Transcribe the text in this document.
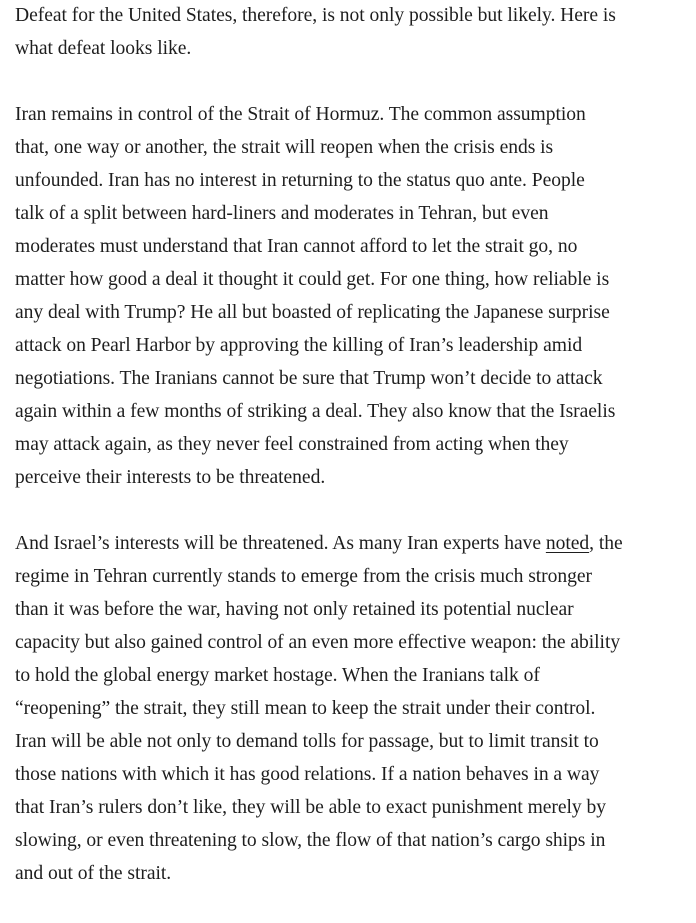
Defeat for the United States, therefore, is not only possible but likely. Here is
what defeat looks like.

Iran remains in control of the Strait of Hormuz. The common assumption
that, one way or another, the strait will reopen when the crisis ends is
unfounded. Iran has no interest in returning to the status quo ante. People
talk of a split between hard-liners and moderates in Tehran, but even
moderates must understand that Iran cannot afford to let the strait go, no
matter how good a deal it thought it could get. For one thing, how reliable is
any deal with Trump? He all but boasted of replicating the Japanese surprise
attack on Pearl Harbor by approving the killing of Iran’s leadership amid
negotiations. The Iranians cannot be sure that Trump won’t decide to attack
again within a few months of striking a deal. They also know that the Israelis
may attack again, as they never feel constrained from acting when they
perceive their interests to be threatened.

And Israel’s interests will be threatened. As many Iran experts have noted, the
regime in Tehran currently stands to emerge from the crisis much stronger
than it was before the war, having not only retained its potential nuclear
capacity but also gained control of an even more effective weapon: the ability
to hold the global energy market hostage. When the Iranians talk of
“reopening” the strait, they still mean to keep the strait under their control.
Iran will be able not only to demand tolls for passage, but to limit transit to
those nations with which it has good relations. If a nation behaves in a way
that Iran’s rulers don’t like, they will be able to exact punishment merely by
slowing, or even threatening to slow, the flow of that nation’s cargo ships in
and out of the strait.
